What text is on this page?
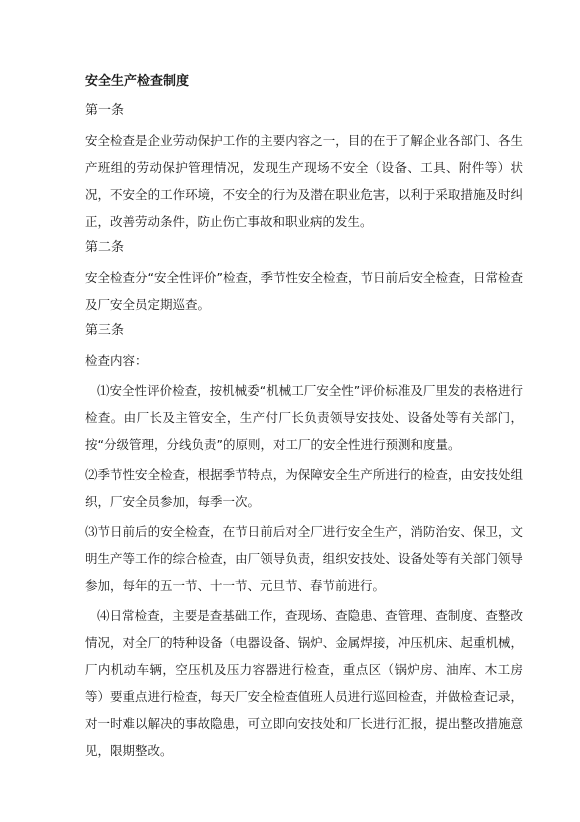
安全生产检查制度
第一条
安全检查是企业劳动保护工作的主要内容之一，目的在于了解企业各部门、各生产班组的劳动保护管理情况，发现生产现场不安全（设备、工具、附件等）状况，不安全的工作环境，不安全的行为及潜在职业危害，以利于采取措施及时纠正，改善劳动条件，防止伤亡事故和职业病的发生。
第二条
安全检查分“安全性评价”检查，季节性安全检查，节日前后安全检查，日常检查及厂安全员定期巡查。
第三条
检查内容：
⑴安全性评价检查，按机械委“机械工厂安全性”评价标准及厂里发的表格进行检查。由厂长及主管安全，生产付厂长负责领导安技处、设备处等有关部门，按“分级管理，分线负责”的原则，对工厂的安全性进行预测和度量。
⑵季节性安全检查，根据季节特点，为保障安全生产所进行的检查，由安技处组织，厂安全员参加，每季一次。
⑶节日前后的安全检查，在节日前后对全厂进行安全生产，消防治安、保卫，文明生产等工作的综合检查，由厂领导负责，组织安技处、设备处等有关部门领导参加，每年的五一节、十一节、元旦节、春节前进行。
⑷日常检查，主要是查基础工作，查现场、查隐患、查管理、查制度、查整改情况，对全厂的特种设备（电器设备、锅炉、金属焊接，冲压机床、起重机械，厂内机动车辆，空压机及压力容器进行检查，重点区（锅炉房、油库、木工房等）要重点进行检查，每天厂安全检查值班人员进行巡回检查，并做检查记录，对一时难以解决的事故隐患，可立即向安技处和厂长进行汇报，提出整改措施意见，限期整改。
